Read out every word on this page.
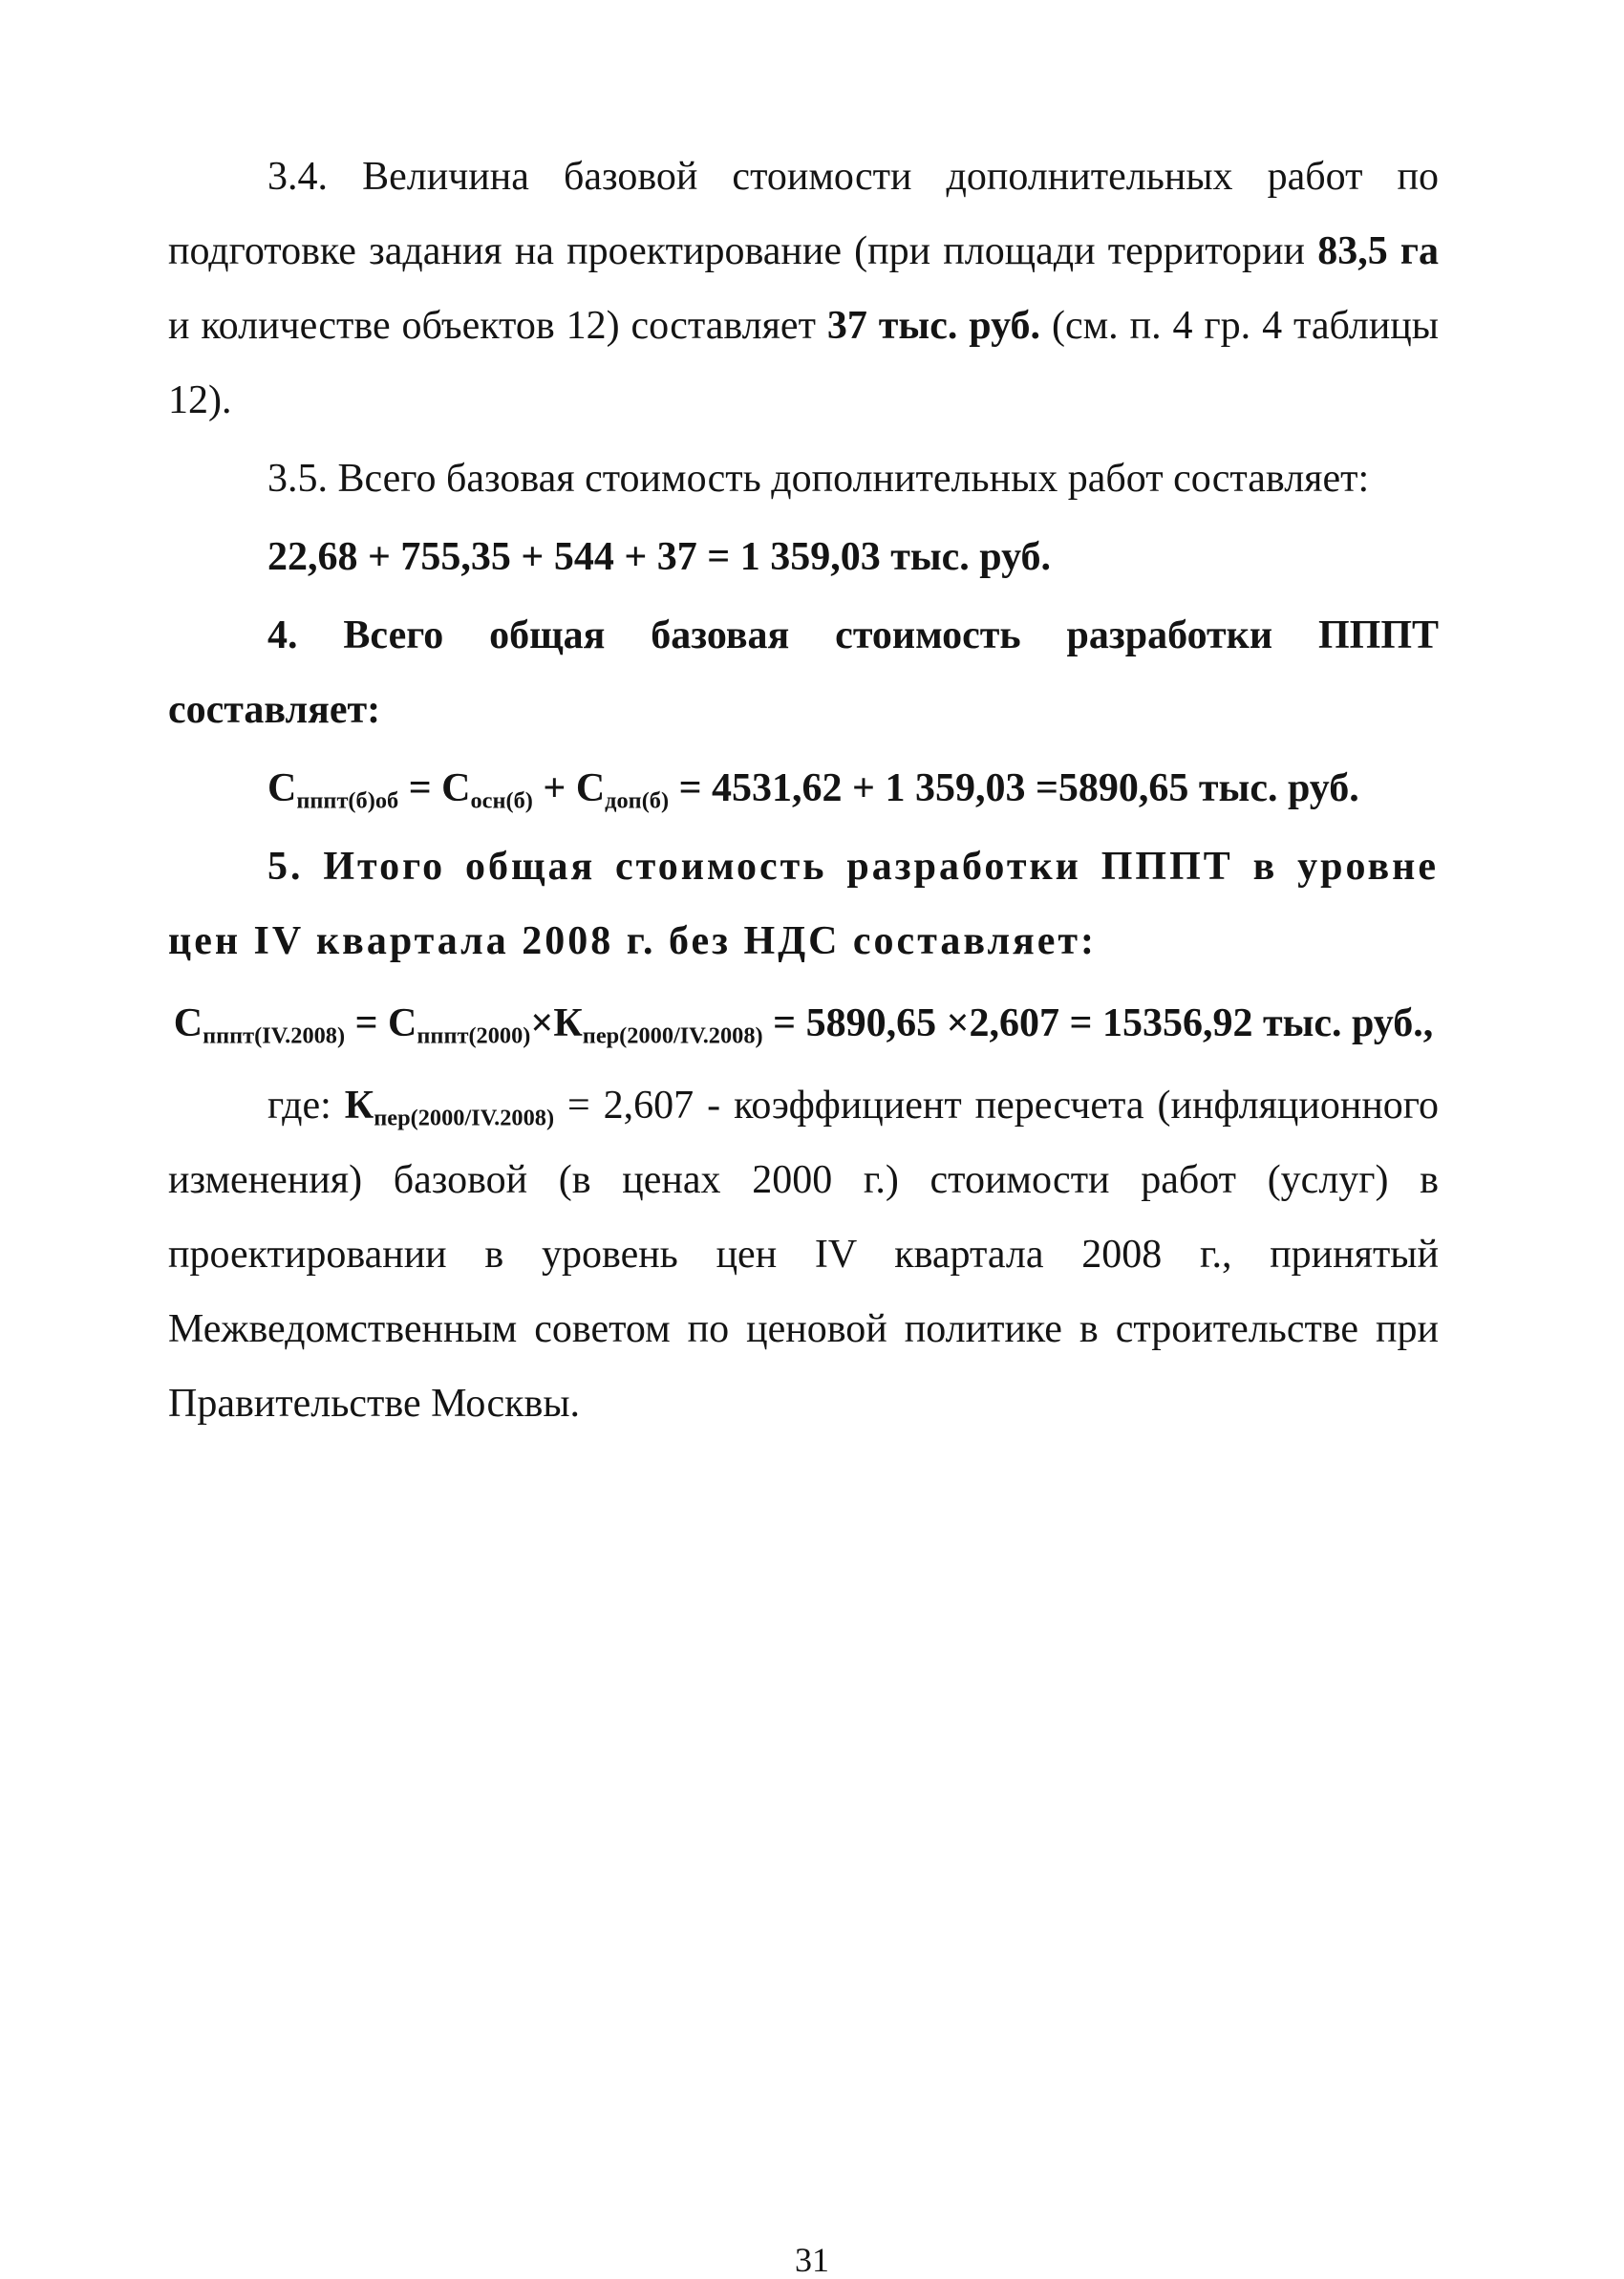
3.4. Величина базовой стоимости дополнительных работ по подготовке задания на проектирование (при площади территории 83,5 га и количестве объектов 12) составляет 37 тыс. руб. (см. п. 4 гр. 4 таблицы 12).

3.5. Всего базовая стоимость дополнительных работ составляет:

22,68 + 755,35 + 544 + 37 = 1 359,03 тыс. руб.

4. Всего общая базовая стоимость разработки ПППТ составляет:

$С_{пппт(б)об} = С_{осн(б)} + С_{доп(б)} = 4531,62 + 1$ 359,03 =5890,65 тыс. руб.

5. Итого общая стоимость разработки ПППТ в уровне цен IV квартала 2008 г. без НДС составляет:

$С_{пппт(IV.2008)} = С_{пппт(2000)}\times К_{пер(2000/IV.2008)} = 5890,65 \times 2,607 = 15356,92$ тыс. руб.,

где: $К_{пер(2000/IV.2008)} = 2,607$ - коэффициент пересчета (инфляционного изменения) базовой (в ценах 2000 г.) стоимости работ (услуг) в проектировании в уровень цен IV квартала 2008 г., принятый Межведомственным советом по ценовой политике в строительстве при Правительстве Москвы.

31
